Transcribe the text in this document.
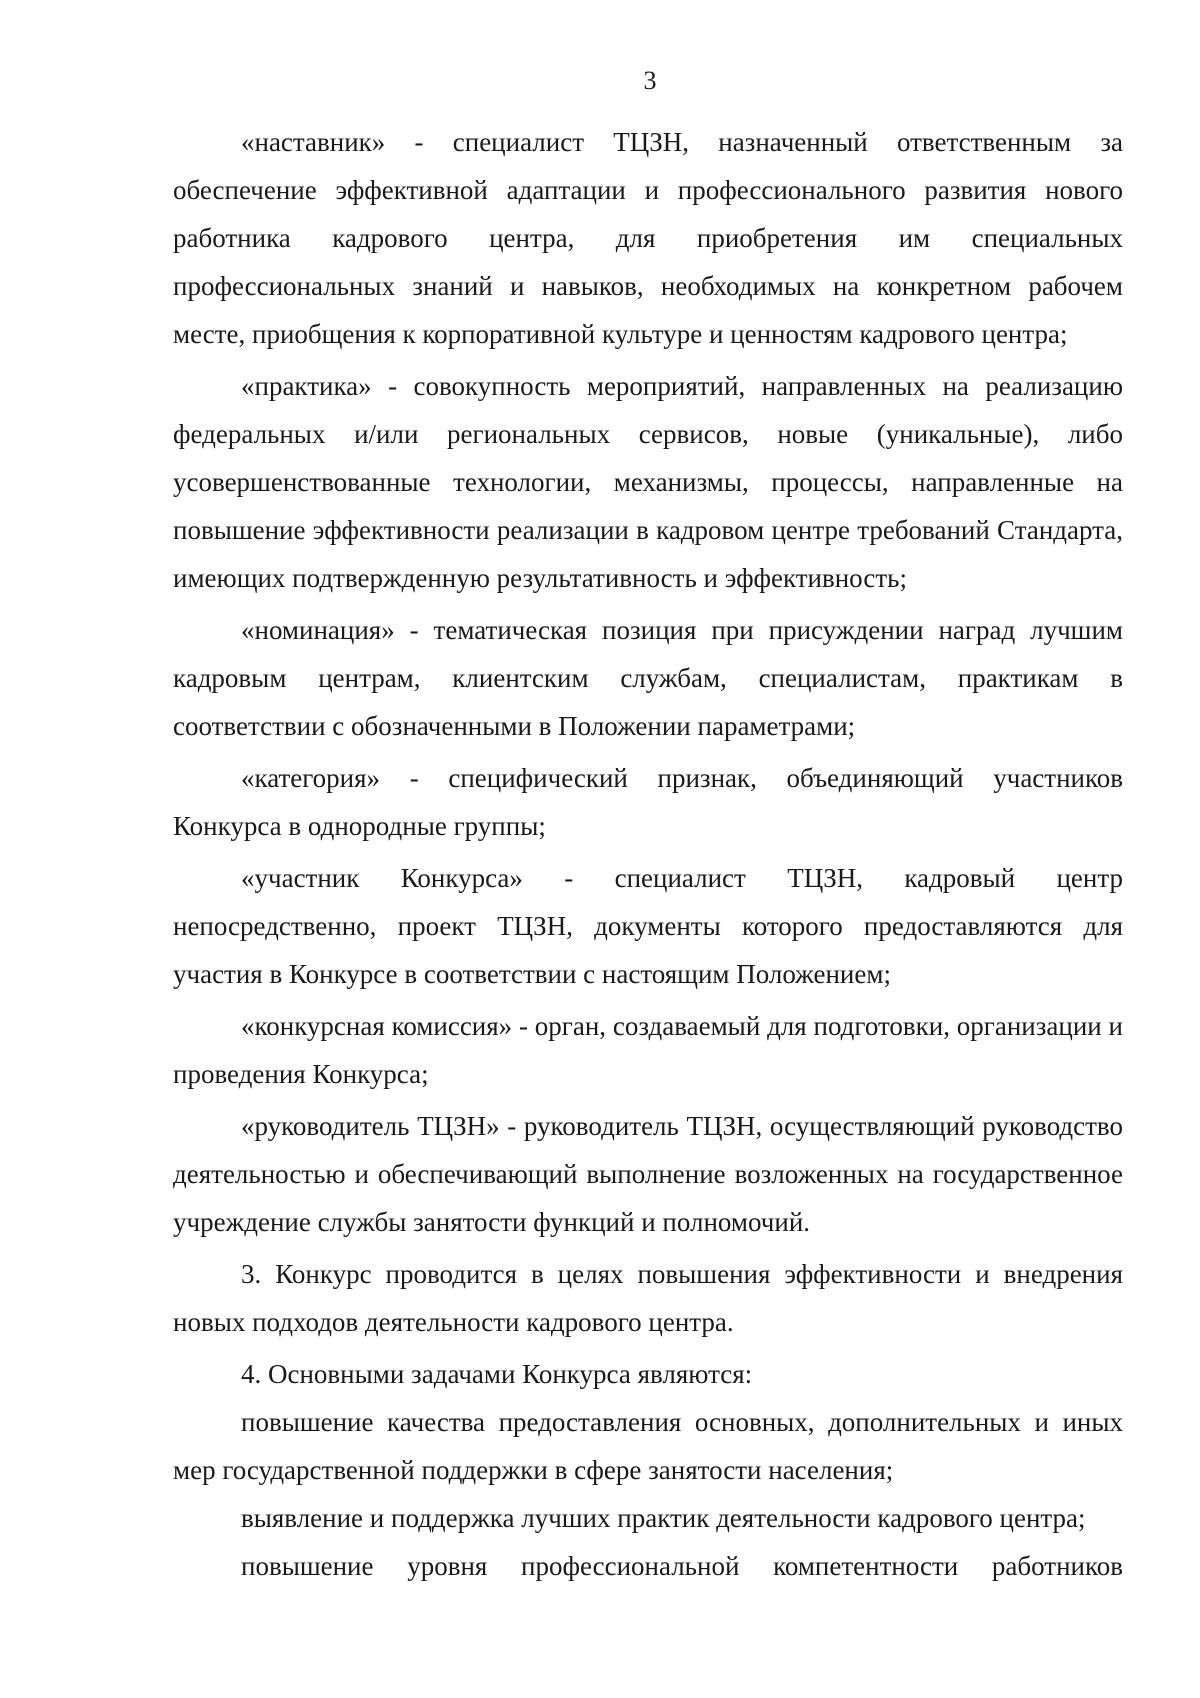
3

«наставник» - специалист ТЦЗН, назначенный ответственным за обеспечение эффективной адаптации и профессионального развития нового работника кадрового центра, для приобретения им специальных профессиональных знаний и навыков, необходимых на конкретном рабочем месте, приобщения к корпоративной культуре и ценностям кадрового центра;

«практика» - совокупность мероприятий, направленных на реализацию федеральных и/или региональных сервисов, новые (уникальные), либо усовершенствованные технологии, механизмы, процессы, направленные на повышение эффективности реализации в кадровом центре требований Стандарта, имеющих подтвержденную результативность и эффективность;

«номинация» - тематическая позиция при присуждении наград лучшим кадровым центрам, клиентским службам, специалистам, практикам в соответствии с обозначенными в Положении параметрами;

«категория» - специфический признак, объединяющий участников Конкурса в однородные группы;

«участник Конкурса» - специалист ТЦЗН, кадровый центр непосредственно, проект ТЦЗН, документы которого предоставляются для участия в Конкурсе в соответствии с настоящим Положением;

«конкурсная комиссия» - орган, создаваемый для подготовки, организации и проведения Конкурса;

«руководитель ТЦЗН» - руководитель ТЦЗН, осуществляющий руководство деятельностью и обеспечивающий выполнение возложенных на государственное учреждение службы занятости функций и полномочий.

3. Конкурс проводится в целях повышения эффективности и внедрения новых подходов деятельности кадрового центра.

4. Основными задачами Конкурса являются:

повышение качества предоставления основных, дополнительных и иных мер государственной поддержки в сфере занятости населения;

выявление и поддержка лучших практик деятельности кадрового центра;

повышение уровня профессиональной компетентности работников
